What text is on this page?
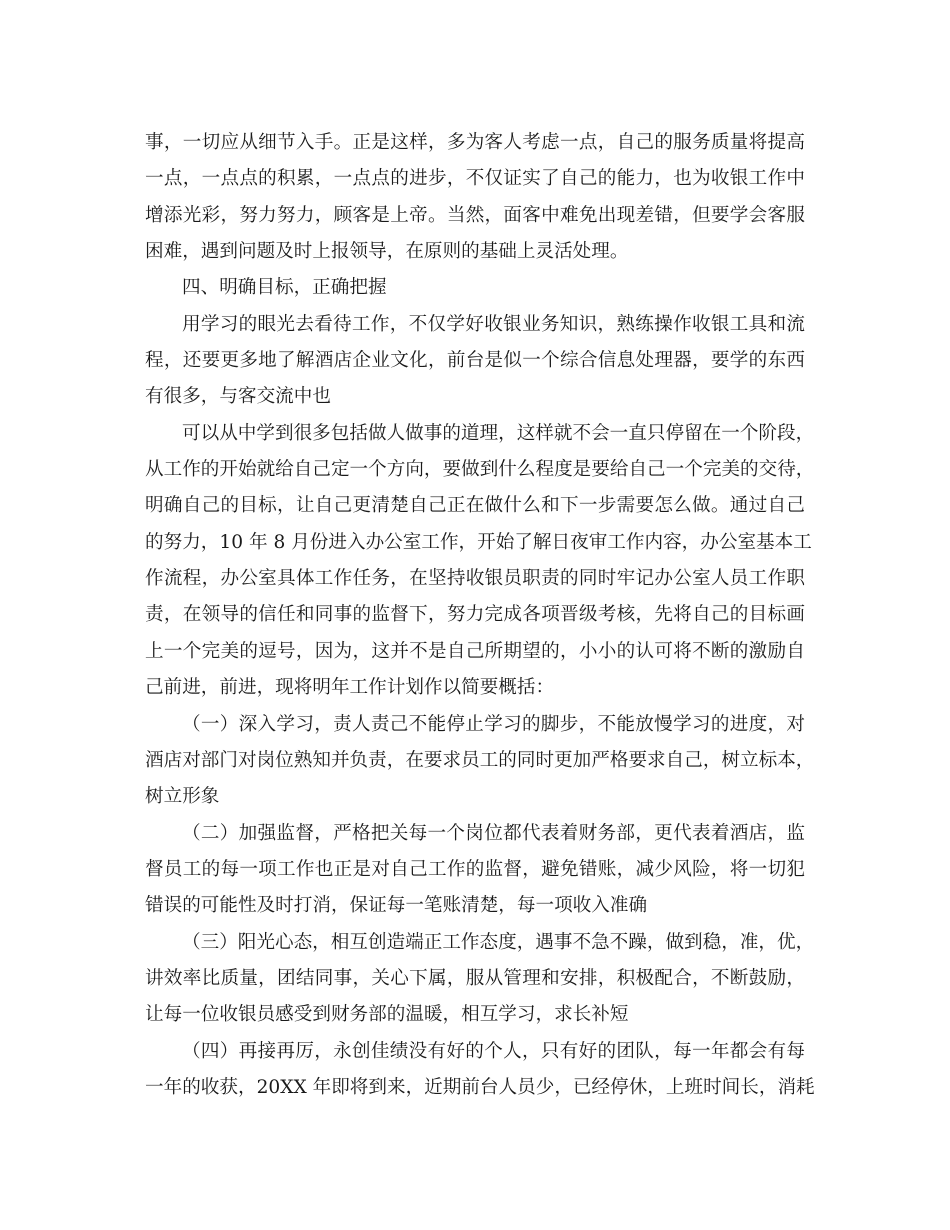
事，一切应从细节入手。正是这样，多为客人考虑一点，自己的服务质量将提高
一点，一点点的积累，一点点的进步，不仅证实了自己的能力，也为收银工作中
增添光彩，努力努力，顾客是上帝。当然，面客中难免出现差错，但要学会客服
困难，遇到问题及时上报领导，在原则的基础上灵活处理。
四、明确目标，正确把握
用学习的眼光去看待工作，不仅学好收银业务知识，熟练操作收银工具和流
程，还要更多地了解酒店企业文化，前台是似一个综合信息处理器，要学的东西
有很多，与客交流中也
可以从中学到很多包括做人做事的道理，这样就不会一直只停留在一个阶段，
从工作的开始就给自己定一个方向，要做到什么程度是要给自己一个完美的交待，
明确自己的目标，让自己更清楚自己正在做什么和下一步需要怎么做。通过自己
的努力，10 年 8 月份进入办公室工作，开始了解日夜审工作内容，办公室基本工
作流程，办公室具体工作任务，在坚持收银员职责的同时牢记办公室人员工作职
责，在领导的信任和同事的监督下，努力完成各项晋级考核，先将自己的目标画
上一个完美的逗号，因为，这并不是自己所期望的，小小的认可将不断的激励自
己前进，前进，现将明年工作计划作以简要概括：
（一）深入学习，责人责己不能停止学习的脚步，不能放慢学习的进度，对
酒店对部门对岗位熟知并负责，在要求员工的同时更加严格要求自己，树立标本，
树立形象
（二）加强监督，严格把关每一个岗位都代表着财务部，更代表着酒店，监
督员工的每一项工作也正是对自己工作的监督，避免错账，减少风险，将一切犯
错误的可能性及时打消，保证每一笔账清楚，每一项收入准确
（三）阳光心态，相互创造端正工作态度，遇事不急不躁，做到稳，准，优，
讲效率比质量，团结同事，关心下属，服从管理和安排，积极配合，不断鼓励，
让每一位收银员感受到财务部的温暖，相互学习，求长补短
（四）再接再厉，永创佳绩没有好的个人，只有好的团队，每一年都会有每
一年的收获，20XX 年即将到来，近期前台人员少，已经停休，上班时间长，消耗
